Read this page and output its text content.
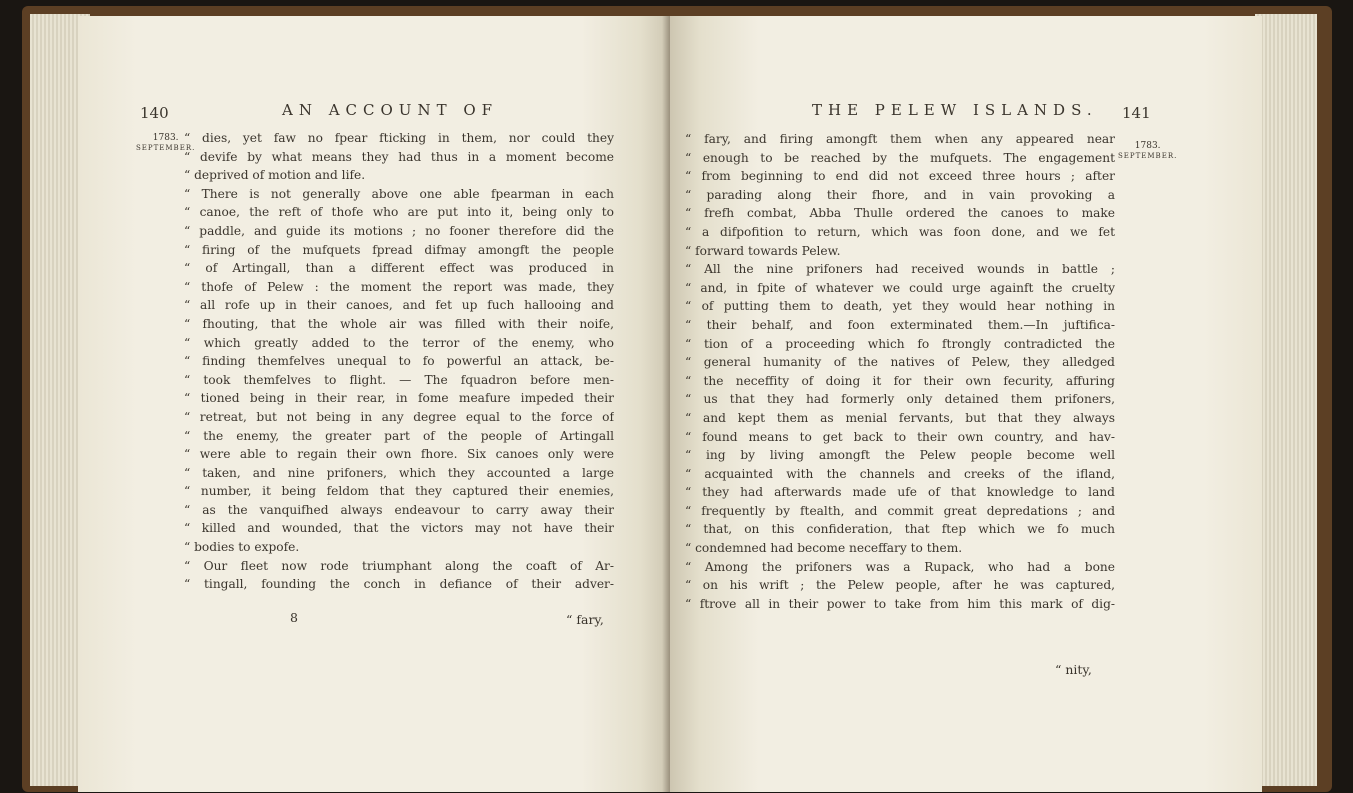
140	AN ACCOUNT OF
1783.
SEPTEMBER.
“ dies, yet faw no fpear fticking in them, nor could they
“ devife by what means they had thus in a moment become
“ deprived of motion and life.
“ There is not generally above one able fpearman in each
“ canoe, the reft of thofe who are put into it, being only to
“ paddle, and guide its motions ; no fooner therefore did the
“ firing of the mufquets fpread difmay amongft the people
“ of Artingall, than a different effect was produced in
“ thofe of Pelew : the moment the report was made, they
“ all rofe up in their canoes, and fet up fuch hallooing and
“ fhouting, that the whole air was filled with their noife,
“ which greatly added to the terror of the enemy, who
“ finding themfelves unequal to fo powerful an attack, be-
“ took themfelves to flight. — The fquadron before men-
“ tioned being in their rear, in fome meafure impeded their
“ retreat, but not being in any degree equal to the force of
“ the enemy, the greater part of the people of Artingall
“ were able to regain their own fhore. Six canoes only were
“ taken, and nine prifoners, which they accounted a large
“ number, it being feldom that they captured their enemies,
“ as the vanquifhed always endeavour to carry away their
“ killed and wounded, that the victors may not have their
“ bodies to expofe.
“ Our fleet now rode triumphant along the coaft of Ar-
“ tingall, founding the conch in defiance of their adver-
8	“ fary,
THE PELEW ISLANDS. 141
1783.
SEPTEMBER.
“ fary, and firing amongft them when any appeared near
“ enough to be reached by the mufquets. The engagement
“ from beginning to end did not exceed three hours ; after
“ parading along their fhore, and in vain provoking a
“ frefh combat, Abba Thulle ordered the canoes to make
“ a difpofition to return, which was foon done, and we fet
“ forward towards Pelew.
“ All the nine prifoners had received wounds in battle ;
“ and, in fpite of whatever we could urge againft the cruelty
“ of putting them to death, yet they would hear nothing in
“ their behalf, and foon exterminated them.—In juftifica-
“ tion of a proceeding which fo ftrongly contradicted the
“ general humanity of the natives of Pelew, they alledged
“ the neceffity of doing it for their own fecurity, affuring
“ us that they had formerly only detained them prifoners,
“ and kept them as menial fervants, but that they always
“ found means to get back to their own country, and hav-
“ ing by living amongft the Pelew people become well
“ acquainted with the channels and creeks of the ifland,
“ they had afterwards made ufe of that knowledge to land
“ frequently by ftealth, and commit great depredations ; and
“ that, on this confideration, that ftep which we fo much
“ condemned had become neceffary to them.
“ Among the prifoners was a Rupack, who had a bone
“ on his wrift ; the Pelew people, after he was captured,
“ ftrove all in their power to take from him this mark of dig-
“ nity,
